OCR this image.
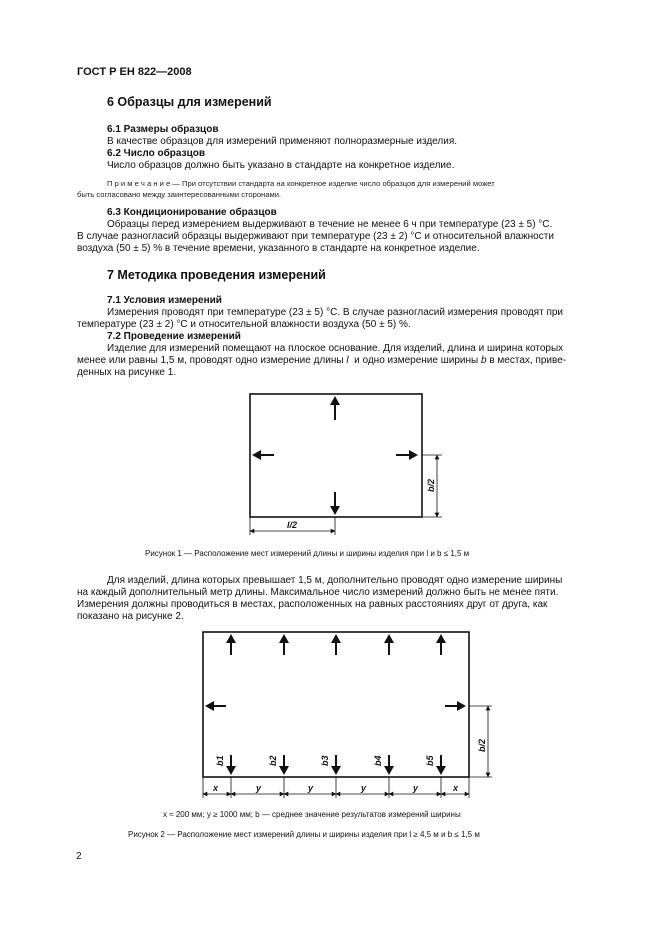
ГОСТ Р ЕН 822—2008
6 Образцы для измерений
6.1 Размеры образцов
В качестве образцов для измерений применяют полноразмерные изделия.
6.2 Число образцов
Число образцов должно быть указано в стандарте на конкретное изделие.
П р и м е ч а н и е — При отсутствии стандарта на конкретное изделие число образцов для измерений может
быть согласовано между заинтересованными сторонами.
6.3 Кондиционирование образцов
Образцы перед измерением выдерживают в течение не менее 6 ч при температуре (23 ± 5) °С.
В случае разногласий образцы выдерживают при температуре (23 ± 2) °С и относительной влажности
воздуха (50 ± 5) % в течение времени, указанного в стандарте на конкретное изделие.
7 Методика проведения измерений
7.1 Условия измерений
Измерения проводят при температуре (23 ± 5) °С. В случае разногласий измерения проводят при
температуре (23 ± 2) °С и относительной влажности воздуха (50 ± 5) %.
7.2 Проведение измерений
Изделие для измерений помещают на плоское основание. Для изделий, длина и ширина которых
менее или равны 1,5 м, проводят одно измерение длины l и одно измерение ширины b в местах, приве-
денных на рисунке 1.
l/2
b/2
Рисунок 1 — Расположение мест измерений длины и ширины изделия при l и b ≤ 1,5 м
Для изделий, длина которых превышает 1,5 м, дополнительно проводят одно измерение ширины
на каждый дополнительный метр длины. Максимальное число измерений должно быть не менее пяти.
Измерения должны проводиться в местах, расположенных на равных расстояниях друг от друга, как
показано на рисунке 2.
b1	b2	b3	b4	b5
x	y	y	y	y	x
b/2
x ≈ 200 мм; y ≥ 1000 мм; b — среднее значение результатов измерений ширины
Рисунок 2 — Расположение мест измерений длины и ширины изделия при l ≥ 4,5 м и b ≤ 1,5 м
2
